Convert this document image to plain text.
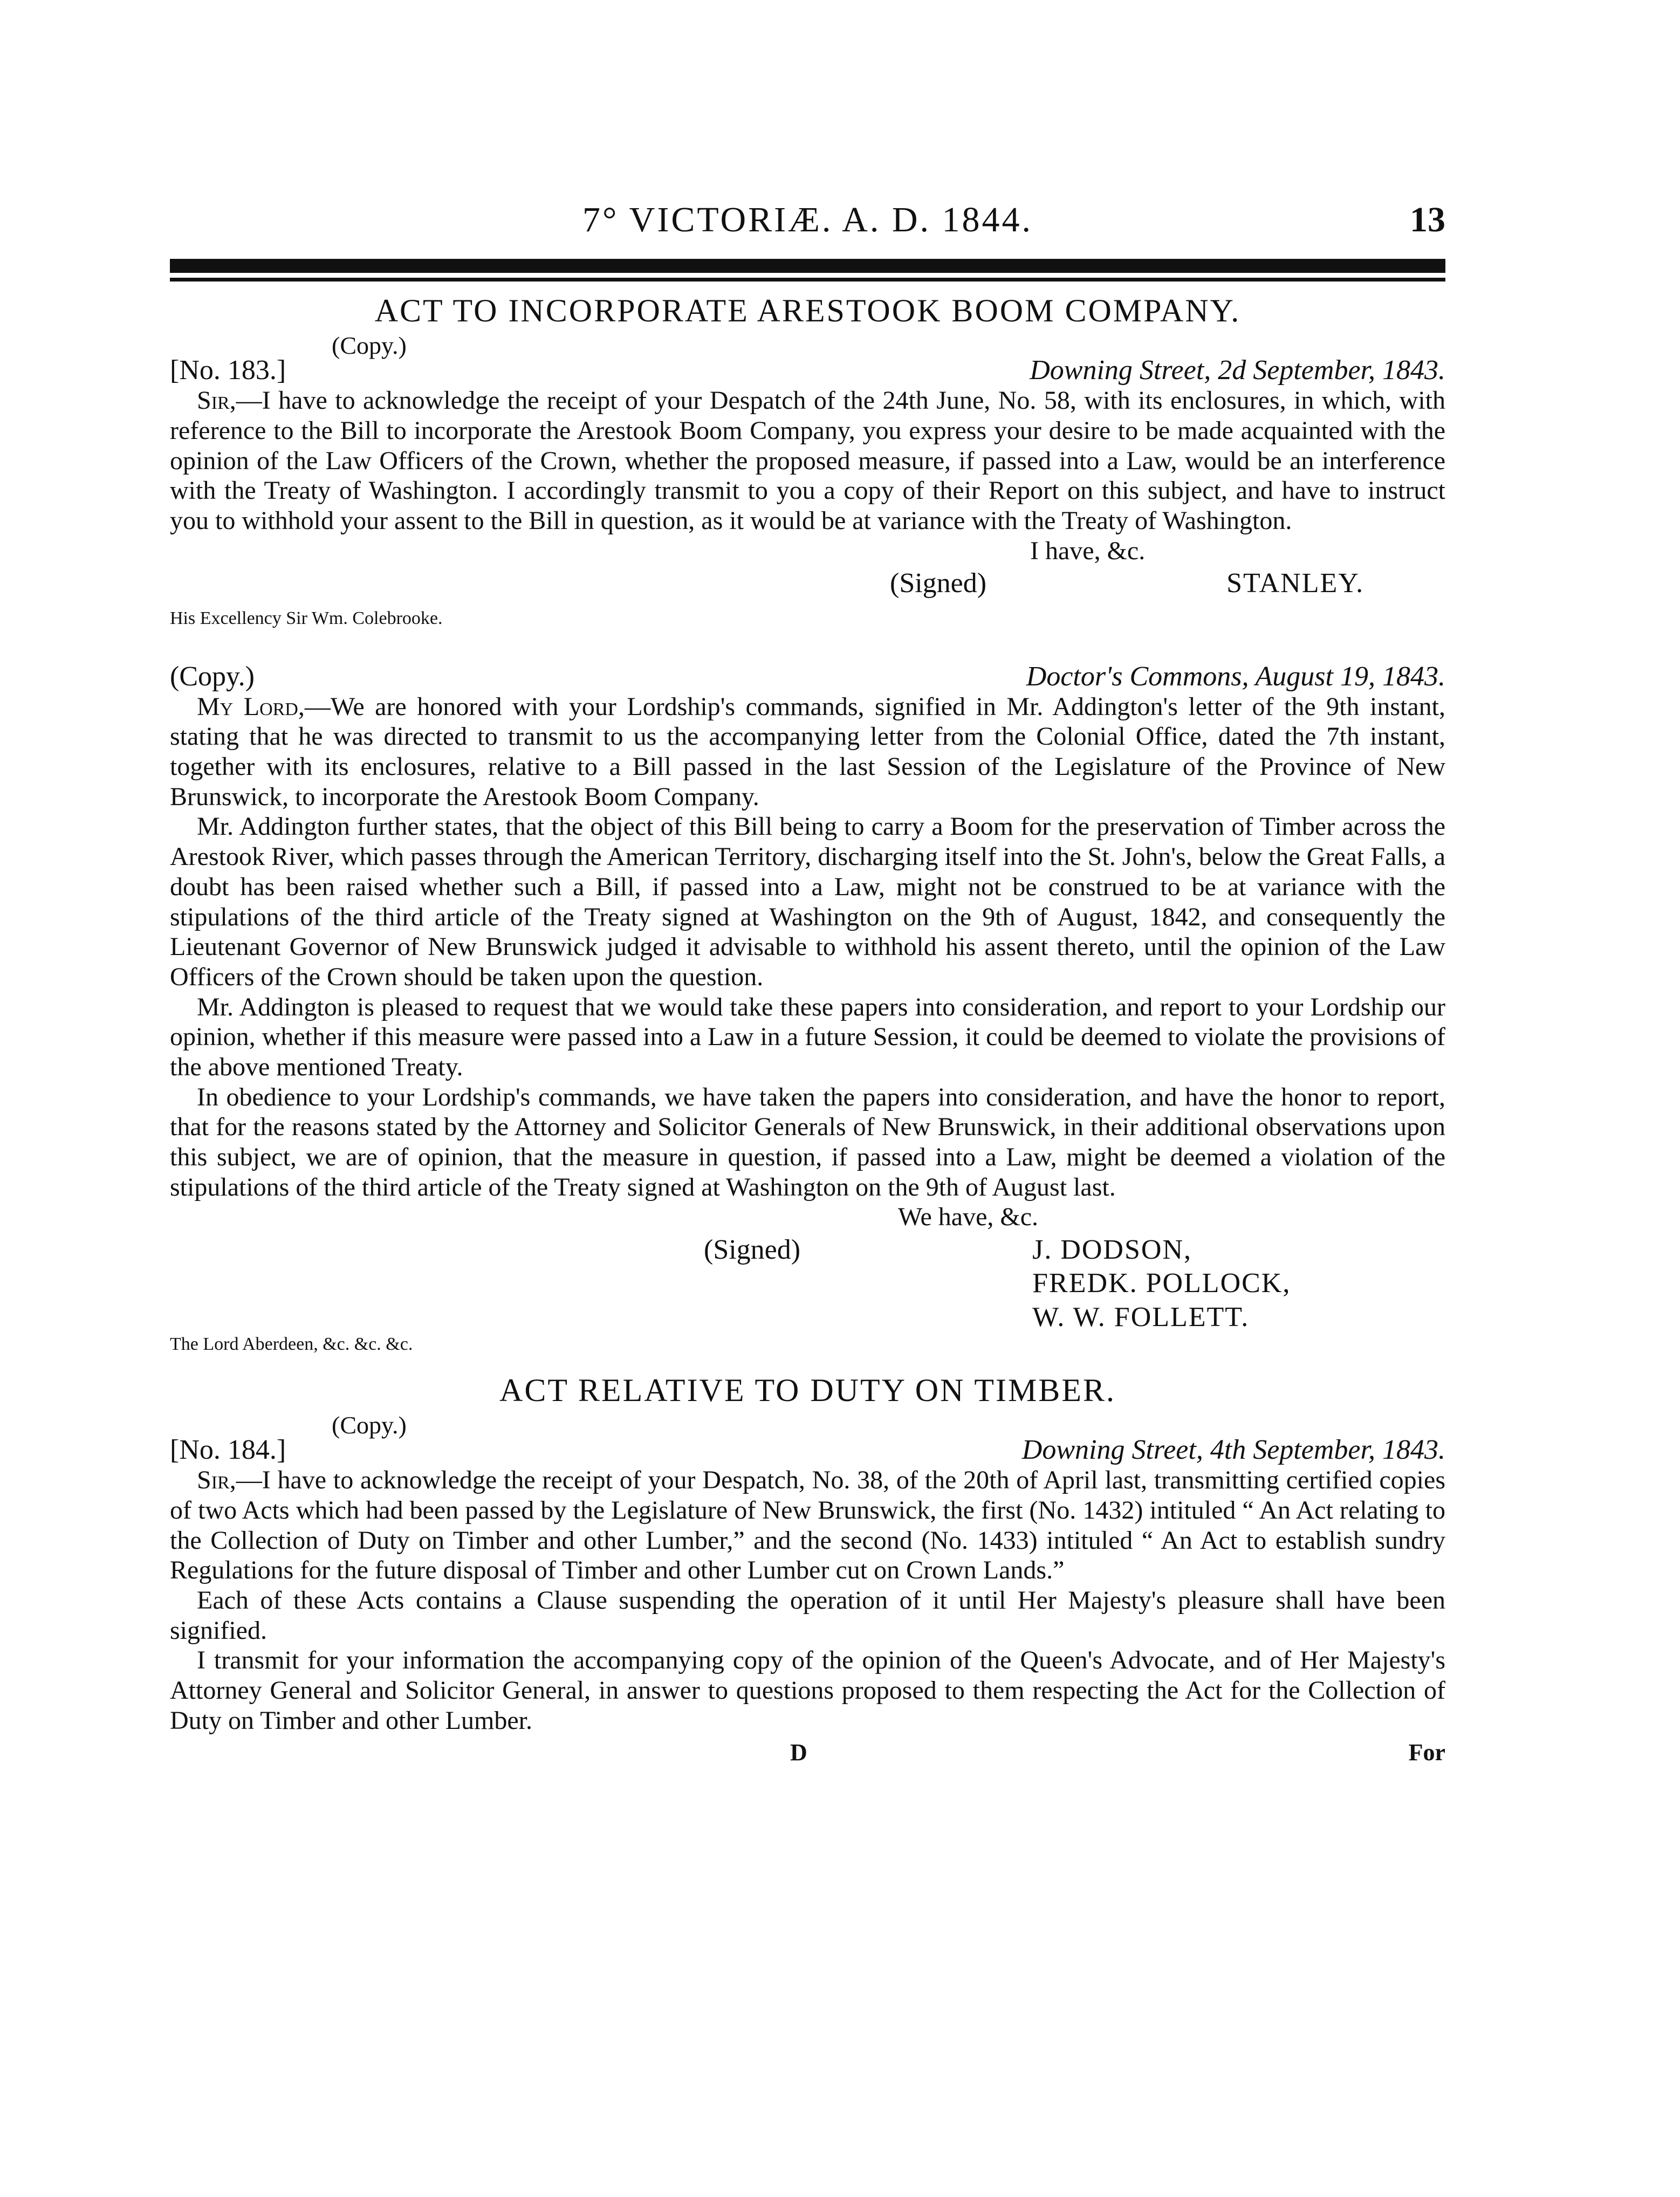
7° VICTORIÆ. A. D. 1844.	13
ACT TO INCORPORATE ARESTOOK BOOM COMPANY.
(Copy.)
[No. 183.]	Downing Street, 2d September, 1843.

Sir,—I have to acknowledge the receipt of your Despatch of the 24th June, No. 58, with its enclosures, in which, with reference to the Bill to incorporate the Arestook Boom Company, you express your desire to be made acquainted with the opinion of the Law Officers of the Crown, whether the proposed measure, if passed into a Law, would be an interference with the Treaty of Washington. I accordingly transmit to you a copy of their Report on this subject, and have to instruct you to withhold your assent to the Bill in question, as it would be at variance with the Treaty of Washington.

I have, &c.
(Signed)	STANLEY.
His Excellency Sir Wm. Colebrooke.
(Copy.)	Doctor's Commons, August 19, 1843.

My Lord,—We are honored with your Lordship's commands, signified in Mr. Addington's letter of the 9th instant, stating that he was directed to transmit to us the accompanying letter from the Colonial Office, dated the 7th instant, together with its enclosures, relative to a Bill passed in the last Session of the Legislature of the Province of New Brunswick, to incorporate the Arestook Boom Company.

Mr. Addington further states, that the object of this Bill being to carry a Boom for the preservation of Timber across the Arestook River, which passes through the American Territory, discharging itself into the St. John's, below the Great Falls, a doubt has been raised whether such a Bill, if passed into a Law, might not be construed to be at variance with the stipulations of the third article of the Treaty signed at Washington on the 9th of August, 1842, and consequently the Lieutenant Governor of New Brunswick judged it advisable to withhold his assent thereto, until the opinion of the Law Officers of the Crown should be taken upon the question.

Mr. Addington is pleased to request that we would take these papers into consideration, and report to your Lordship our opinion, whether if this measure were passed into a Law in a future Session, it could be deemed to violate the provisions of the above mentioned Treaty.

In obedience to your Lordship's commands, we have taken the papers into consideration, and have the honor to report, that for the reasons stated by the Attorney and Solicitor Generals of New Brunswick, in their additional observations upon this subject, we are of opinion, that the measure in question, if passed into a Law, might be deemed a violation of the stipulations of the third article of the Treaty signed at Washington on the 9th of August last.

We have, &c.
(Signed)	J. DODSON,
FREDK. POLLOCK,
W. W. FOLLETT.
The Lord Aberdeen, &c. &c. &c.
ACT RELATIVE TO DUTY ON TIMBER.
(Copy.)
[No. 184.]	Downing Street, 4th September, 1843.

Sir,—I have to acknowledge the receipt of your Despatch, No. 38, of the 20th of April last, transmitting certified copies of two Acts which had been passed by the Legislature of New Brunswick, the first (No. 1432) intituled “ An Act relating to the Collection of Duty on Timber and other Lumber,” and the second (No. 1433) intituled “ An Act to establish sundry Regulations for the future disposal of Timber and other Lumber cut on Crown Lands.”

Each of these Acts contains a Clause suspending the operation of it until Her Majesty's pleasure shall have been signified.

I transmit for your information the accompanying copy of the opinion of the Queen's Advocate, and of Her Majesty's Attorney General and Solicitor General, in answer to questions proposed to them respecting the Act for the Collection of Duty on Timber and other Lumber.

D	For
